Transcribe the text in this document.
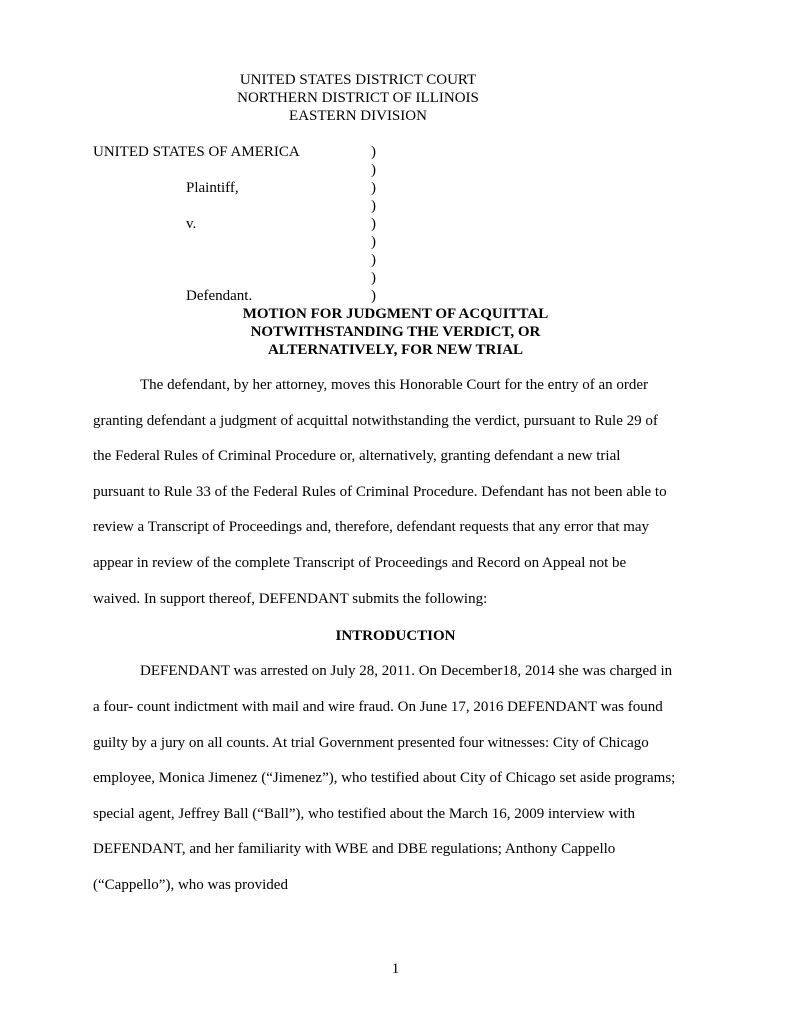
UNITED STATES DISTRICT COURT
NORTHERN DISTRICT OF ILLINOIS
EASTERN DIVISION
UNITED STATES OF AMERICA
Plaintiff,
v.
Defendant.
)
)
)
)
)
)
)
)
)
MOTION FOR JUDGMENT OF ACQUITTAL
NOTWITHSTANDING THE VERDICT, OR
ALTERNATIVELY, FOR NEW TRIAL
The defendant, by her attorney, moves this Honorable Court for the entry of an order
granting defendant a judgment of acquittal notwithstanding the verdict, pursuant to Rule 29 of
the Federal Rules of Criminal Procedure or, alternatively, granting defendant a new trial
pursuant to Rule 33 of the Federal Rules of Criminal Procedure. Defendant has not been able to
review a Transcript of Proceedings and, therefore, defendant requests that any error that may
appear in review of the complete Transcript of Proceedings and Record on Appeal not be
waived. In support thereof, DEFENDANT submits the following:
INTRODUCTION
DEFENDANT was arrested on July 28, 2011. On December18, 2014 she was charged in
a four- count indictment with mail and wire fraud. On June 17, 2016 DEFENDANT was found
guilty by a jury on all counts. At trial Government presented four witnesses: City of Chicago
employee, Monica Jimenez (“Jimenez”), who testified about City of Chicago set aside programs;
special agent, Jeffrey Ball (“Ball”), who testified about the March 16, 2009 interview with
DEFENDANT, and her familiarity with WBE and DBE regulations; Anthony Cappello
(“Cappello”), who was provided
1
